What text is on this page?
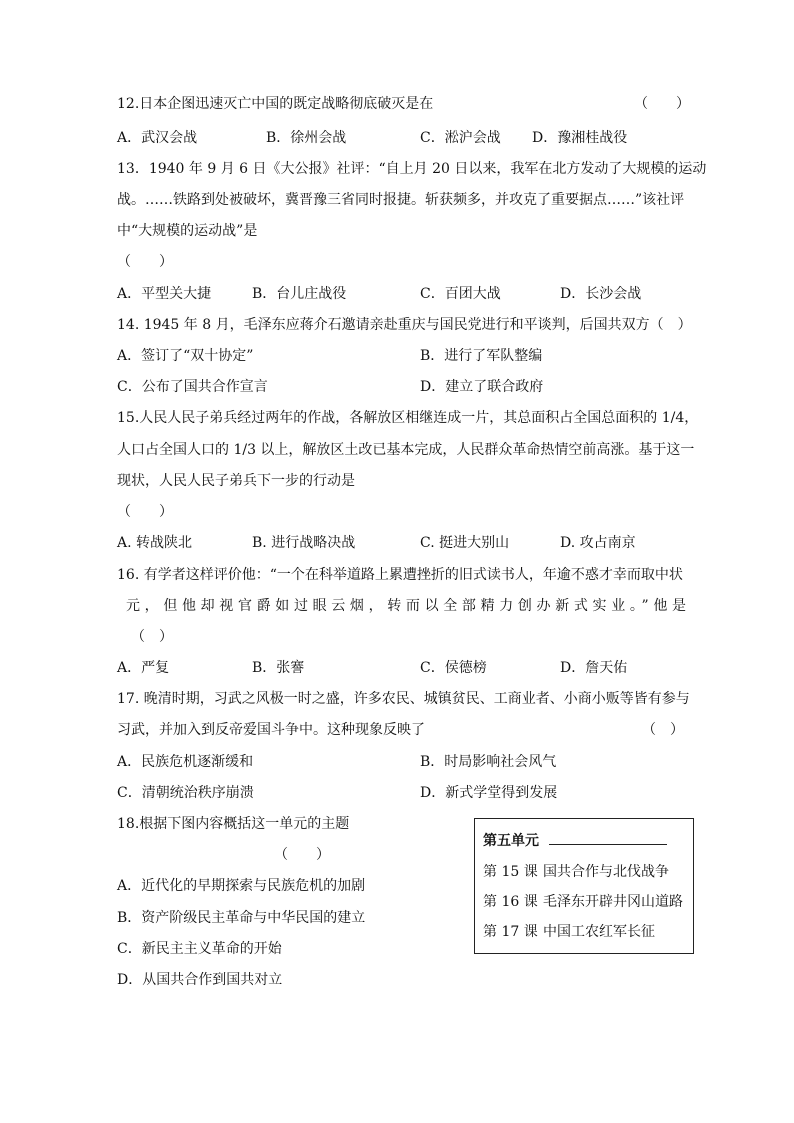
12.日本企图迅速灭亡中国的既定战略彻底破灭是在	（　　）
A．武汉会战	B．徐州会战	C．淞沪会战 D．豫湘桂战役
13．1940 年 9 月 6 日《大公报》社评：“自上月 20 日以来，我军在北方发动了大规模的运动
战。……铁路到处被破坏，冀晋豫三省同时报捷。斩获频多，并攻克了重要据点……”该社评
中“大规模的运动战”是
（　　）
A．平型关大捷	B．台儿庄战役	C．百团大战	D．长沙会战
14. 1945 年 8 月，毛泽东应蒋介石邀请亲赴重庆与国民党进行和平谈判，后国共双方（　）
A．签订了“双十协定”	B．进行了军队整编
C．公布了国共合作宣言	D．建立了联合政府
15.人民人民子弟兵经过两年的作战，各解放区相继连成一片，其总面积占全国总面积的 1/4，
人口占全国人口的 1/3 以上，解放区土改已基本完成，人民群众革命热情空前高涨。基于这一
现状，人民人民子弟兵下一步的行动是
（　　）
A. 转战陕北	B. 进行战略决战	C. 挺进大别山	D. 攻占南京
16. 有学者这样评价他：“一个在科举道路上累遭挫折的旧式读书人，年逾不惑才幸而取中状
元，但他却视官爵如过眼云烟，转而以全部精力创办新式实业。”他是
（　）
A．严复	B．张謇	C．侯德榜	D．詹天佑
17. 晚清时期，习武之风极一时之盛，许多农民、城镇贫民、工商业者、小商小贩等皆有参与
习武，并加入到反帝爱国斗争中。这种现象反映了	（　）
A．民族危机逐渐缓和	B．时局影响社会风气
C．清朝统治秩序崩溃	D．新式学堂得到发展
18.根据下图内容概括这一单元的主题
（　　）
A．近代化的早期探索与民族危机的加剧
B．资产阶级民主革命与中华民国的建立
C．新民主主义革命的开始
D．从国共合作到国共对立
第五单元
第 15 课 国共合作与北伐战争
第 16 课 毛泽东开辟井冈山道路
第 17 课 中国工农红军长征
